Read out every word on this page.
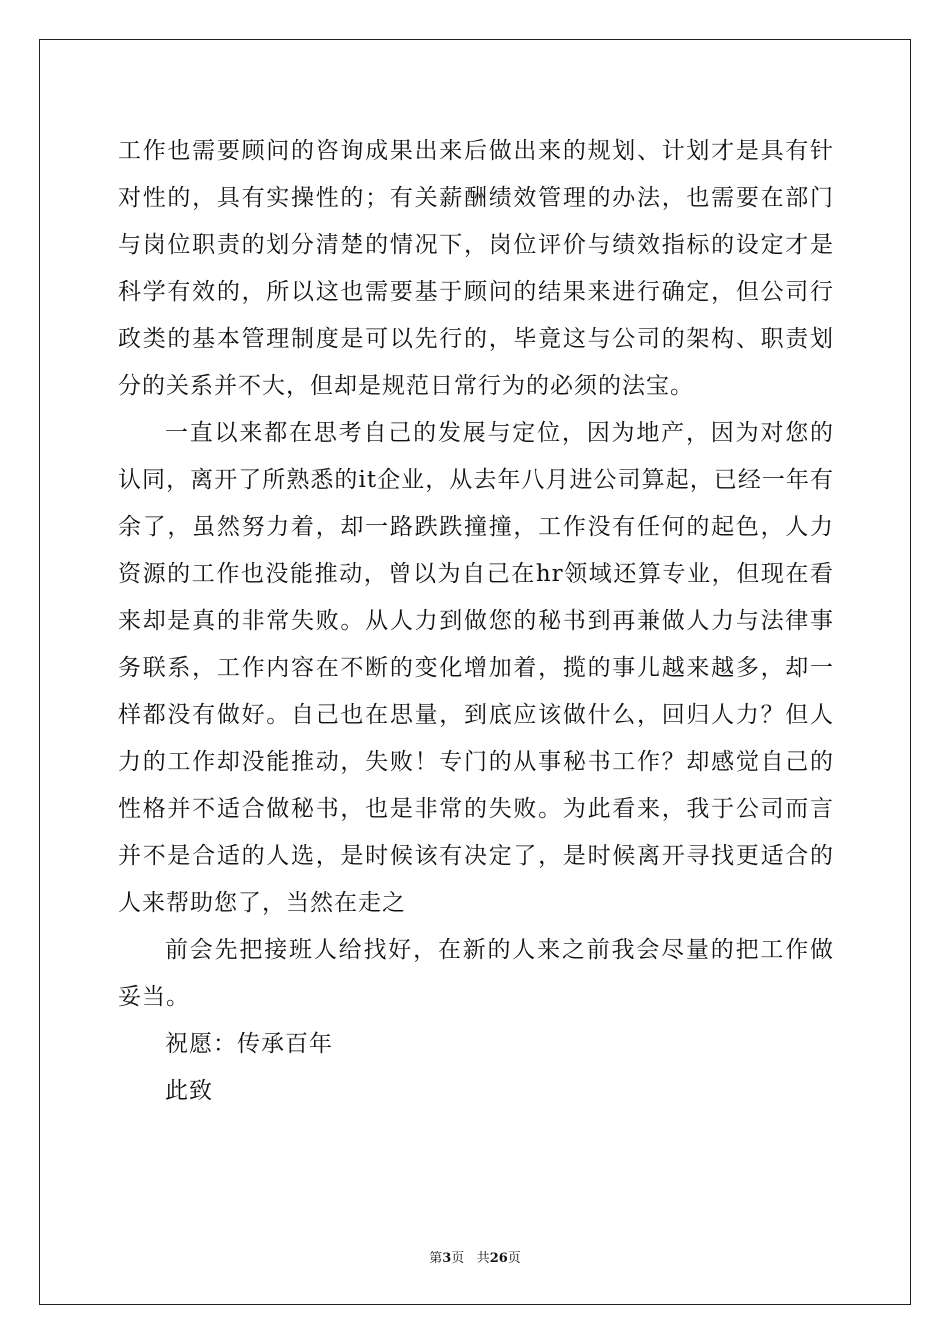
工作也需要顾问的咨询成果出来后做出来的规划、计划才是具有针对性的，具有实操性的；有关薪酬绩效管理的办法，也需要在部门与岗位职责的划分清楚的情况下，岗位评价与绩效指标的设定才是科学有效的，所以这也需要基于顾问的结果来进行确定，但公司行政类的基本管理制度是可以先行的，毕竟这与公司的架构、职责划分的关系并不大，但却是规范日常行为的必须的法宝。

一直以来都在思考自己的发展与定位，因为地产，因为对您的认同，离开了所熟悉的it企业，从去年八月进公司算起，已经一年有余了，虽然努力着，却一路跌跌撞撞，工作没有任何的起色，人力资源的工作也没能推动，曾以为自己在hr领域还算专业，但现在看来却是真的非常失败。从人力到做您的秘书到再兼做人力与法律事务联系，工作内容在不断的变化增加着，揽的事儿越来越多，却一样都没有做好。自己也在思量，到底应该做什么，回归人力？但人力的工作却没能推动，失败！专门的从事秘书工作？却感觉自己的性格并不适合做秘书，也是非常的失败。为此看来，我于公司而言并不是合适的人选，是时候该有决定了，是时候离开寻找更适合的人来帮助您了，当然在走之

前会先把接班人给找好，在新的人来之前我会尽量的把工作做妥当。

祝愿：传承百年

此致

第3页 共26页
